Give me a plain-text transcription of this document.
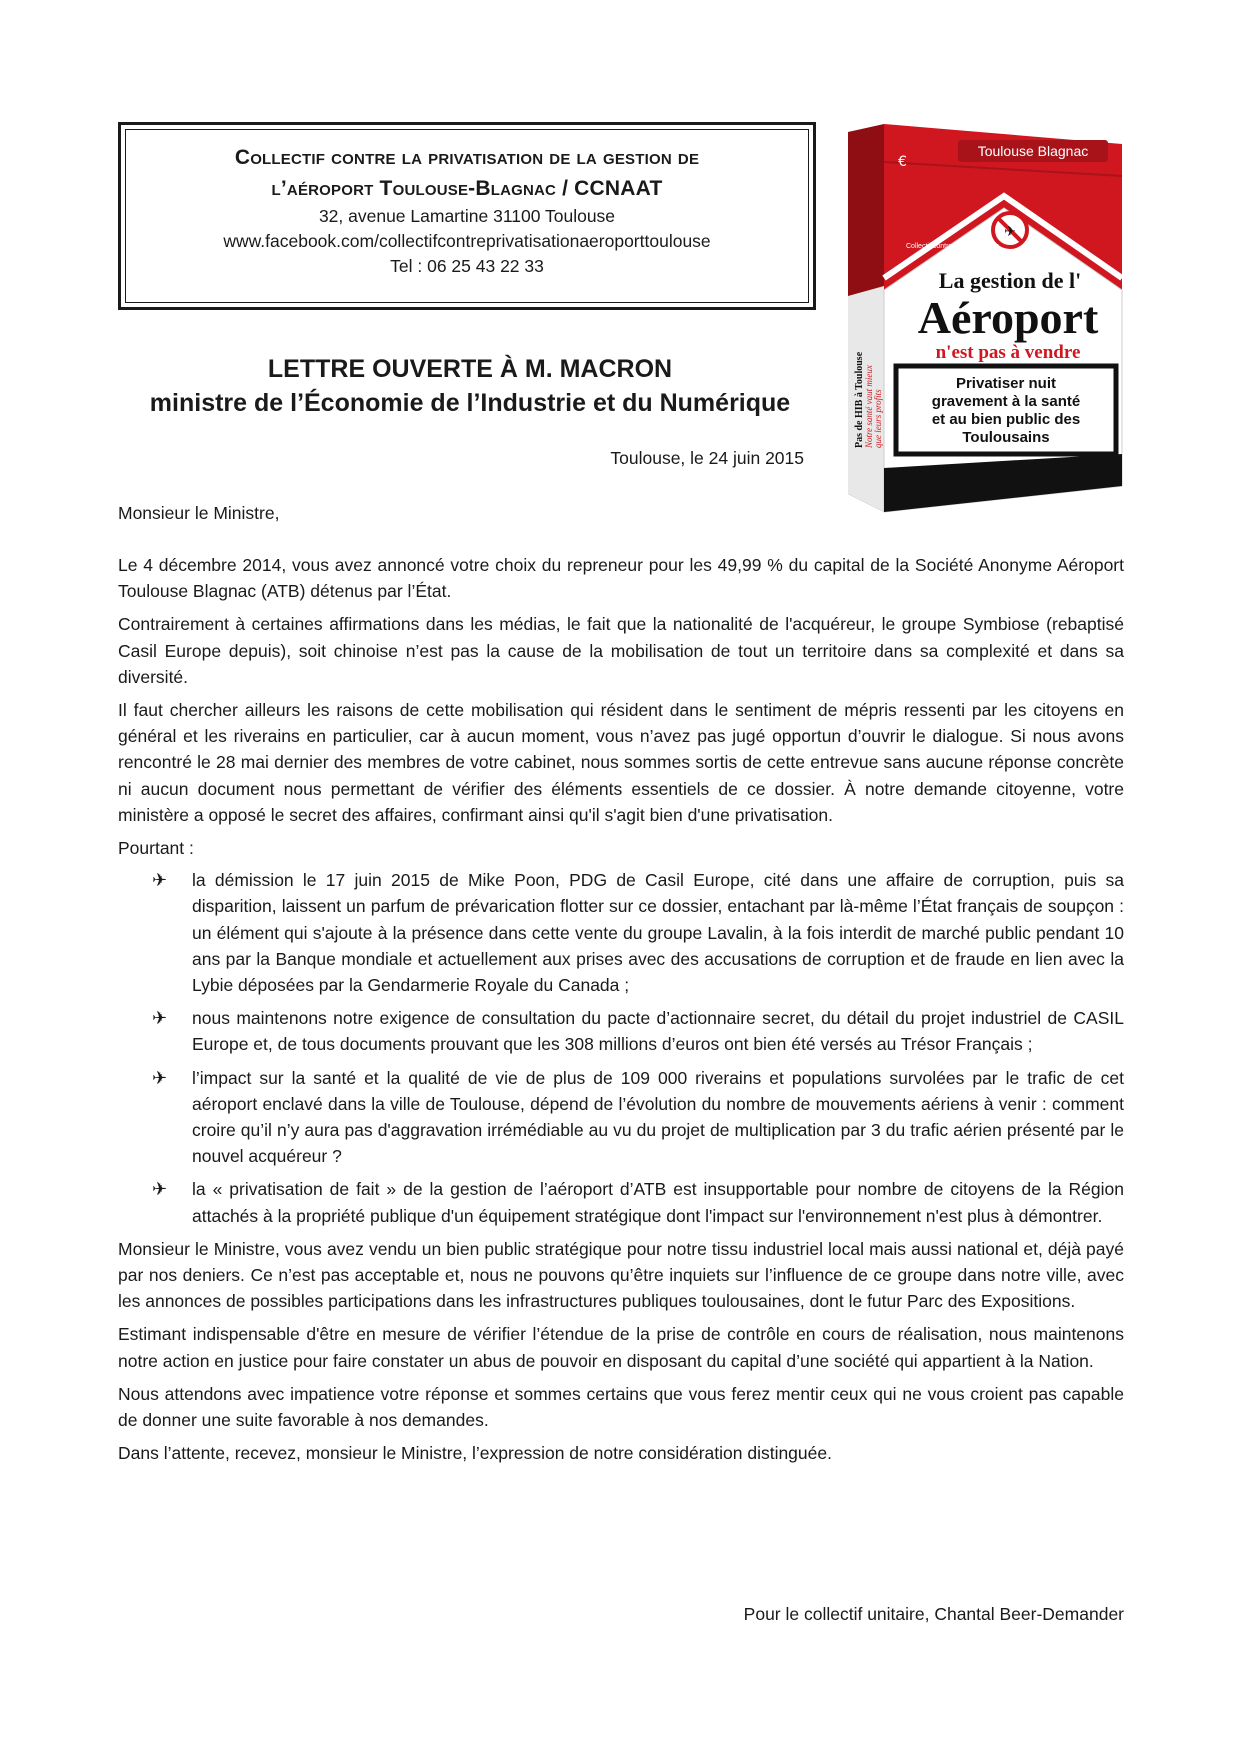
Collectif contre la privatisation de la gestion de
l’aéroport Toulouse-Blagnac / CCNAAT
32, avenue Lamartine 31100 Toulouse
www.facebook.com/collectifcontreprivatisationaeroporttoulouse
Tel : 06 25 43 22 33
LETTRE OUVERTE À M. MACRON
ministre de l’Économie de l’Industrie et du Numérique
Toulouse, le 24 juin 2015
Monsieur le Ministre,

Le 4 décembre 2014, vous avez annoncé votre choix du repreneur pour les 49,99 % du capital de la Société Anonyme Aéroport Toulouse Blagnac (ATB) détenus par l’État.

Contrairement à certaines affirmations dans les médias, le fait que la nationalité de l'acquéreur, le groupe Symbiose (rebaptisé Casil Europe depuis), soit chinoise n’est pas la cause de la mobilisation de tout un territoire dans sa complexité et dans sa diversité.

Il faut chercher ailleurs les raisons de cette mobilisation qui résident dans le sentiment de mépris ressenti par les citoyens en général et les riverains en particulier, car à aucun moment, vous n’avez pas jugé opportun d’ouvrir le dialogue. Si nous avons rencontré le 28 mai dernier des membres de votre cabinet, nous sommes sortis de cette entrevue sans aucune réponse concrète ni aucun document nous permettant de vérifier des éléments essentiels de ce dossier. À notre demande citoyenne, votre ministère a opposé le secret des affaires, confirmant ainsi qu'il s'agit bien d'une privatisation.

Pourtant :

✈ la démission le 17 juin 2015 de Mike Poon, PDG de Casil Europe, cité dans une affaire de corruption, puis sa disparition, laissent un parfum de prévarication flotter sur ce dossier, entachant par là-même l’État français de soupçon : un élément qui s'ajoute à la présence dans cette vente du groupe Lavalin, à la fois interdit de marché public pendant 10 ans par la Banque mondiale et actuellement aux prises avec des accusations de corruption et de fraude en lien avec la Lybie déposées par la Gendarmerie Royale du Canada ;
✈ nous maintenons notre exigence de consultation du pacte d’actionnaire secret, du détail du projet industriel de CASIL Europe et, de tous documents prouvant que les 308 millions d’euros ont bien été versés au Trésor Français ;
✈ l’impact sur la santé et la qualité de vie de plus de 109 000 riverains et populations survolées par le trafic de cet aéroport enclavé dans la ville de Toulouse, dépend de l’évolution du nombre de mouvements aériens à venir : comment croire qu’il n’y aura pas d'aggravation irrémédiable au vu du projet de multiplication par 3 du trafic aérien présenté par le nouvel acquéreur ?
✈ la « privatisation de fait » de la gestion de l’aéroport d’ATB est insupportable pour nombre de citoyens de la Région attachés à la propriété publique d'un équipement stratégique dont l'impact sur l'environnement n'est plus à démontrer.

Monsieur le Ministre, vous avez vendu un bien public stratégique pour notre tissu industriel local mais aussi national et, déjà payé par nos deniers. Ce n’est pas acceptable et, nous ne pouvons qu’être inquiets sur l’influence de ce groupe dans notre ville, avec les annonces de possibles participations dans les infrastructures publiques toulousaines, dont le futur Parc des Expositions.

Estimant indispensable d'être en mesure de vérifier l’étendue de la prise de contrôle en cours de réalisation, nous maintenons notre action en justice pour faire constater un abus de pouvoir en disposant du capital d’une société qui appartient à la Nation.

Nous attendons avec impatience votre réponse et sommes certains que vous ferez mentir ceux qui ne vous croient pas capable de donner une suite favorable à nos demandes.

Dans l’attente, recevez, monsieur le Ministre, l’expression de notre considération distinguée.

Pour le collectif unitaire, Chantal Beer-Demander
Toulouse Blagnac
€
✈
Collectif contre la privatisation
La gestion de l'
Aéroport
n'est pas à vendre
Privatiser nuit
gravement à la santé
et au bien public des
Toulousains
Pas de HIB à Toulouse Notre santé vaut mieux que leurs profits
